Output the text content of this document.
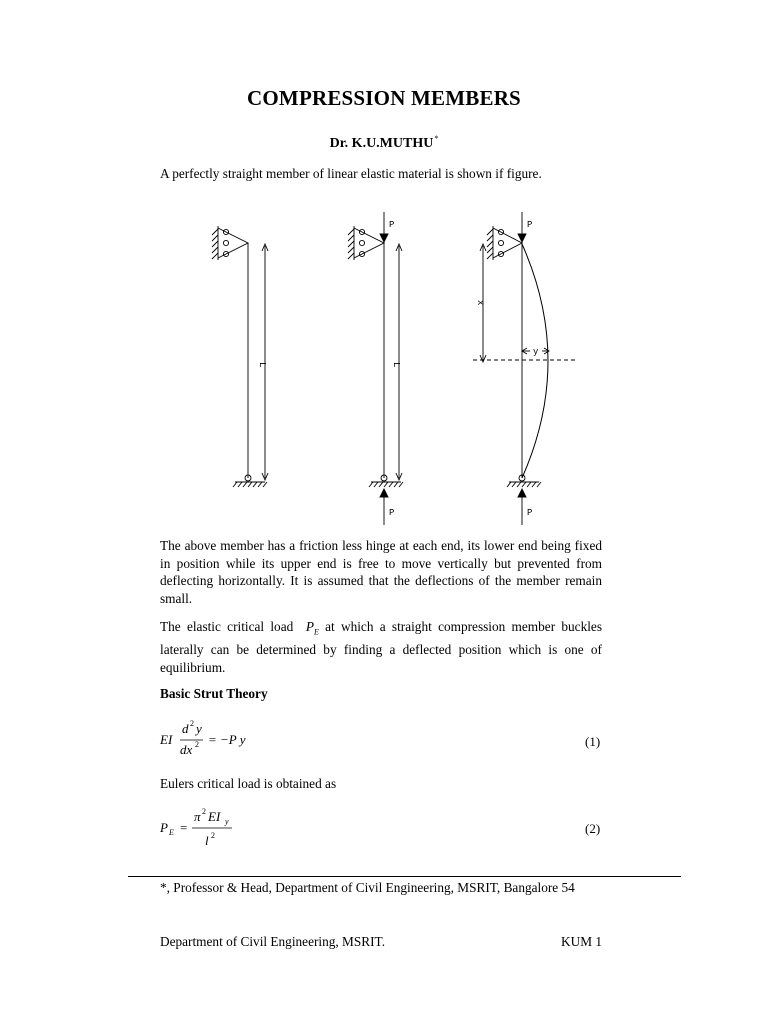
COMPRESSION MEMBERS
Dr. K.U.MUTHU*
A perfectly straight member of linear elastic material is shown if figure.
L
P
P
L
P
P
x
y
The above member has a friction less hinge at each end, its lower end being fixed in position while its upper end is free to move vertically but prevented from deflecting horizontally. It is assumed that the deflections of the member remain small.
The elastic critical load $P_E$ at which a straight compression member buckles laterally can be determined by finding a deflected position which is one of equilibrium.
Basic Strut Theory
EI
d 2 y
dx 2 = −P y	(1)
Eulers critical load is obtained as
P E =
π 2 EI y
l 2	(2)
*, Professor & Head, Department of Civil Engineering, MSRIT, Bangalore 54
Department of Civil Engineering, MSRIT.	KUM 1
